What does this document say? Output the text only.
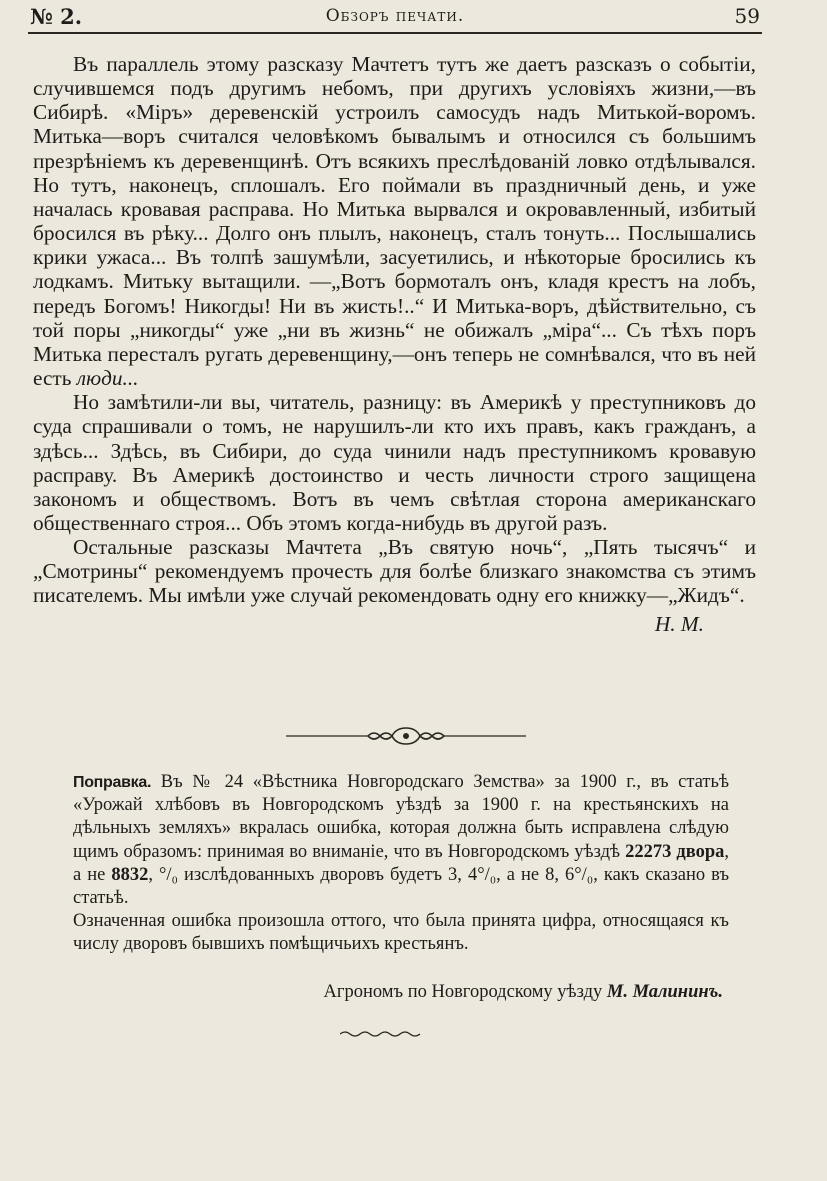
№ 2.	Обзоръ печати.	59

Въ параллель этому разсказу Мачтетъ тутъ же даетъ разсказъ о событіи, случившемся подъ другимъ небомъ, при другихъ условіяхъ жизни,—въ Сибирѣ. «Міръ» деревенскій устроилъ самосудъ надъ Митькой-воромъ. Митька—воръ считался человѣкомъ бывалымъ и относился съ большимъ презрѣніемъ къ деревенщинѣ. Отъ всякихъ преслѣдованій ловко отдѣлывался. Но тутъ, наконецъ, сплошалъ. Его поймали въ праздничный день, и уже началась кровавая расправа. Но Митька вырвался и окровавленный, избитый бросился въ рѣку... Долго онъ плылъ, наконецъ, сталъ тонуть... Послышались крики ужаса... Въ толпѣ зашумѣли, засуетились, и нѣкоторые бросились къ лодкамъ. Митьку вытащили. —„Вотъ бормоталъ онъ, кладя крестъ на лобъ, передъ Богомъ! Никогды! Ни въ жисть!..“ И Митька-воръ, дѣйствительно, съ той поры „никогды“ уже „ни въ жизнь“ не обижалъ „міра“... Съ тѣхъ поръ Митька пересталъ ругать деревенщину,—онъ теперь не сомнѣвался, что въ ней есть люди...

Но замѣтили-ли вы, читатель, разницу: въ Америкѣ у преступниковъ до суда спрашивали о томъ, не нарушилъ-ли кто ихъ правъ, какъ гражданъ, а здѣсь... Здѣсь, въ Сибири, до суда чинили надъ преступникомъ кровавую расправу. Въ Америкѣ достоинство и честь личности строго защищена закономъ и обществомъ. Вотъ въ чемъ свѣтлая сторона американскаго общественнаго строя... Объ этомъ когда-нибудь въ другой разъ.

Остальные разсказы Мачтета „Въ святую ночь“, „Пять тысячъ“ и „Смотрины“ рекомендуемъ прочесть для болѣе близкаго знакомства съ этимъ писателемъ. Мы имѣли уже случай рекомендовать одну его книжку—„Жидъ“.

Н. М.

Поправка. Въ № 24 «Вѣстника Новгородскаго Земства» за 1900 г., въ статьѣ «Урожай хлѣбовъ въ Новгородскомъ уѣздѣ за 1900 г. на крестьянскихъ на дѣльныхъ земляхъ» вкралась ошибка, которая должна быть исправлена слѣдую щимъ образомъ: принимая во вниманіе, что въ Новгородскомъ уѣздѣ 22273 двора, а не 8832, °/₀ изслѣдованныхъ дворовъ будетъ 3, 4°/₀, а не 8, 6°/₀, какъ сказано въ статьѣ.

Означенная ошибка произошла оттого, что была принята цифра, относящаяся къ числу дворовъ бывшихъ помѣщичьихъ крестьянъ.

Агрономъ по Новгородскому уѣзду М. Малининъ.
